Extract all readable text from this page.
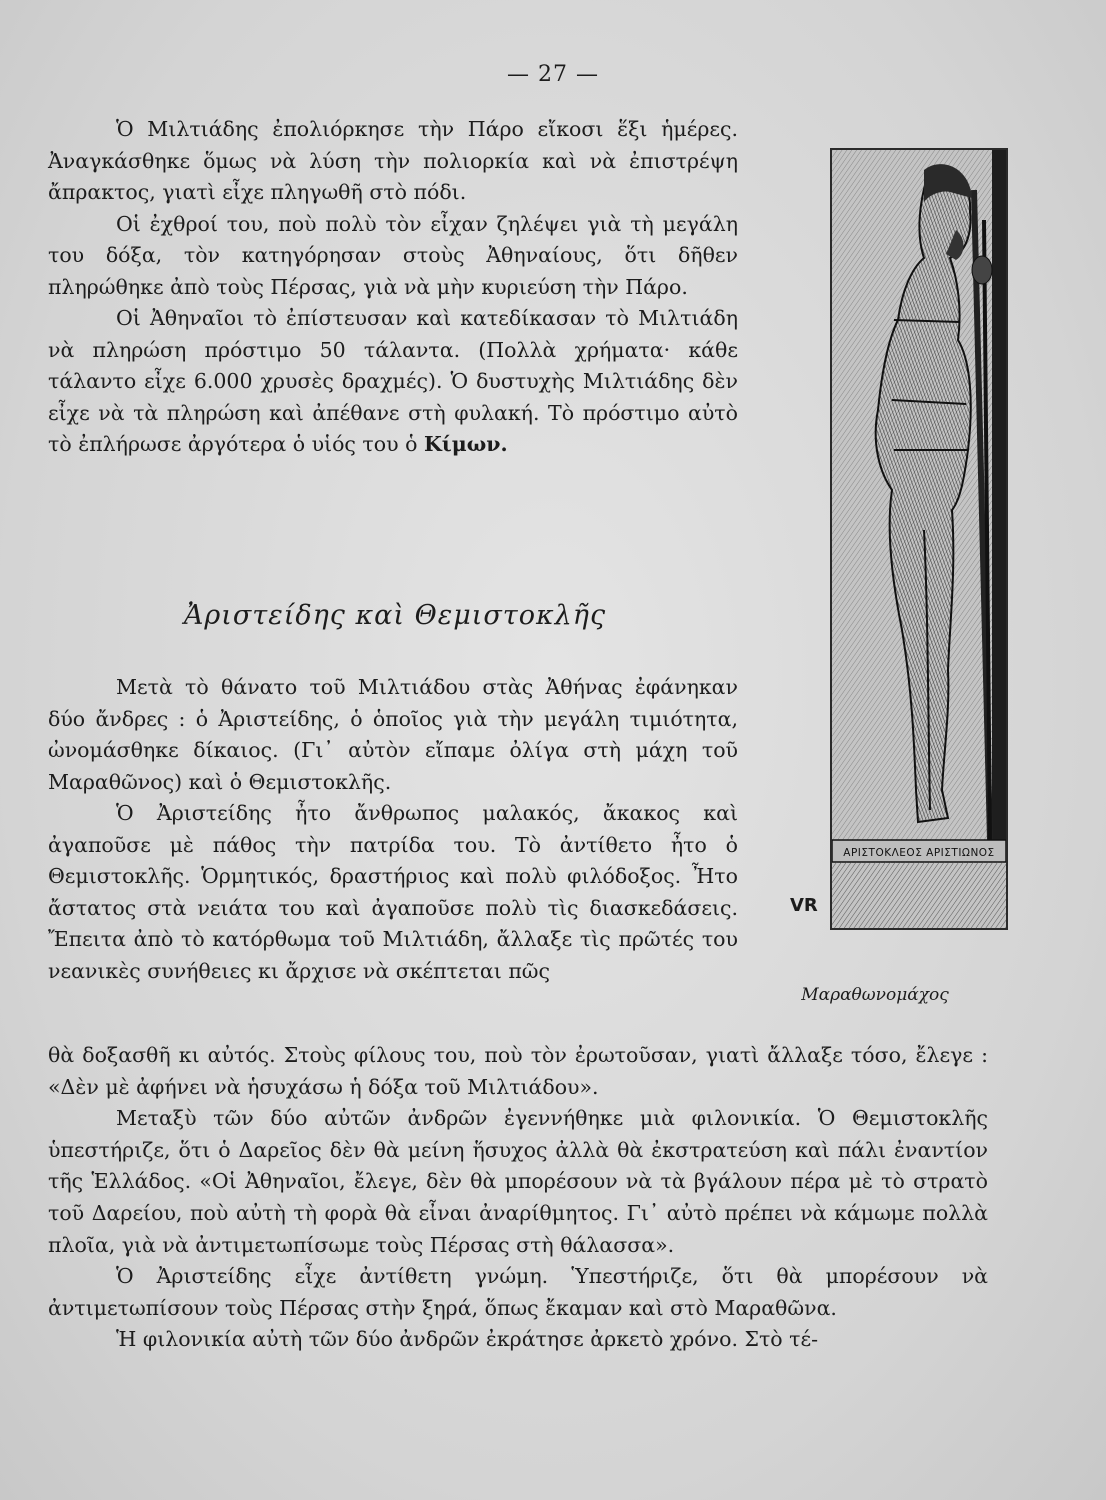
— 27 —

Ὁ Μιλτιάδης ἐπολιόρκησε τὴν Πάρο εἴκοσι ἕξι ἡμέρες. Ἀναγκάσθηκε ὅμως νὰ λύση τὴν πολιορκία καὶ νὰ ἐπιστρέψη ἄπρακτος, γιατὶ εἶχε πληγωθῆ στὸ πόδι.

Οἱ ἐχθροί του, ποὺ πολὺ τὸν εἶχαν ζηλέψει γιὰ τὴ μεγάλη του δόξα, τὸν κατηγόρησαν στοὺς Ἀθηναίους, ὅτι δῆθεν πληρώθηκε ἀπὸ τοὺς Πέρσας, γιὰ νὰ μὴν κυριεύση τὴν Πάρο.

Οἱ Ἀθηναῖοι τὸ ἐπίστευσαν καὶ κατεδίκασαν τὸ Μιλτιάδη νὰ πληρώση πρόστιμο 50 τάλαντα. (Πολλὰ χρήματα· κάθε τάλαντο εἶχε 6.000 χρυσὲς δραχμές). Ὁ δυστυχὴς Μιλτιάδης δὲν εἶχε νὰ τὰ πληρώση καὶ ἀπέθανε στὴ φυλακή. Τὸ πρόστιμο αὐτὸ τὸ ἐπλήρωσε ἀργότερα ὁ υἱός του ὁ Κίμων.

Ἀριστείδης καὶ Θεμιστοκλῆς

Μετὰ τὸ θάνατο τοῦ Μιλτιάδου στὰς Ἀθήνας ἐφάνηκαν δύο ἄνδρες : ὁ Ἀριστείδης, ὁ ὁποῖος γιὰ τὴν μεγάλη τιμιότητα, ὠνομάσθηκε δίκαιος. (Γι᾽ αὐτὸν εἴπαμε ὀλίγα στὴ μάχη τοῦ Μαραθῶνος) καὶ ὁ Θεμιστοκλῆς.

Ὁ Ἀριστείδης ἦτο ἄνθρωπος μαλακός, ἄκακος καὶ ἀγαποῦσε μὲ πάθος τὴν πατρίδα του. Τὸ ἀντίθετο ἦτο ὁ Θεμιστοκλῆς. Ὁρμητικός, δραστήριος καὶ πολὺ φιλόδοξος. Ἦτο ἄστατος στὰ νειάτα του καὶ ἀγαποῦσε πολὺ τὶς διασκεδάσεις. Ἔπειτα ἀπὸ τὸ κατόρθωμα τοῦ Μιλτιάδη, ἄλλαξε τὶς πρῶτές του νεανικὲς συνήθειες κι ἄρχισε νὰ σκέπτεται πῶς

θὰ δοξασθῆ κι αὐτός. Στοὺς φίλους του, ποὺ τὸν ἐρωτοῦσαν, γιατὶ ἄλλαξε τόσο, ἔλεγε : «Δὲν μὲ ἀφήνει νὰ ἡσυχάσω ἡ δόξα τοῦ Μιλτιάδου».

Μεταξὺ τῶν δύο αὐτῶν ἀνδρῶν ἐγεννήθηκε μιὰ φιλονικία. Ὁ Θεμιστοκλῆς ὑπεστήριζε, ὅτι ὁ Δαρεῖος δὲν θὰ μείνη ἥσυχος ἀλλὰ θὰ ἐκστρατεύση καὶ πάλι ἐναντίον τῆς Ἑλλάδος. «Οἱ Ἀθηναῖοι, ἔλεγε, δὲν θὰ μπορέσουν νὰ τὰ βγάλουν πέρα μὲ τὸ στρατὸ τοῦ Δαρείου, ποὺ αὐτὴ τὴ φορὰ θὰ εἶναι ἀναρίθμητος. Γι᾽ αὐτὸ πρέπει νὰ κάμωμε πολλὰ πλοῖα, γιὰ νὰ ἀντιμετωπίσωμε τοὺς Πέρσας στὴ θάλασσα».

Ὁ Ἀριστείδης εἶχε ἀντίθετη γνώμη. Ὑπεστήριζε, ὅτι θὰ μπορέσουν νὰ ἀντιμετωπίσουν τοὺς Πέρσας στὴν ξηρά, ὅπως ἔκαμαν καὶ στὸ Μαραθῶνα.

Ἡ φιλονικία αὐτὴ τῶν δύο ἀνδρῶν ἐκράτησε ἀρκετὸ χρόνο. Στὸ τέ-

ΑΡΙΣΤΟΚΛΕΟΣ ΑΡΙΣΤΙΩΝΟΣ
VR
Μαραθωνομάχος
